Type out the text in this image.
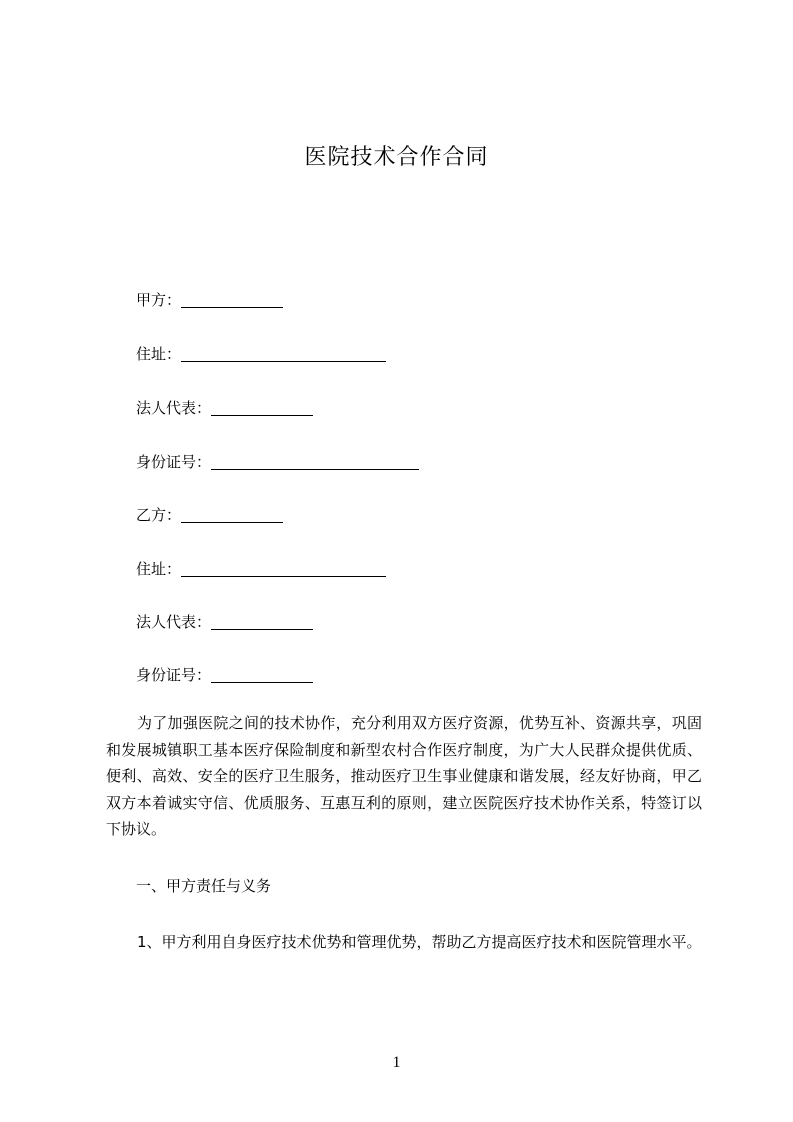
医院技术合作合同
甲方：
住址：
法人代表：
身份证号：
乙方：
住址：
法人代表：
身份证号：
为了加强医院之间的技术协作，充分利用双方医疗资源，优势互补、资源共享，巩固和发展城镇职工基本医疗保险制度和新型农村合作医疗制度，为广大人民群众提供优质、便利、高效、安全的医疗卫生服务，推动医疗卫生事业健康和谐发展，经友好协商，甲乙双方本着诚实守信、优质服务、互惠互利的原则，建立医院医疗技术协作关系，特签订以下协议。
一、甲方责任与义务
1、甲方利用自身医疗技术优势和管理优势，帮助乙方提高医疗技术和医院管理水平。
1
